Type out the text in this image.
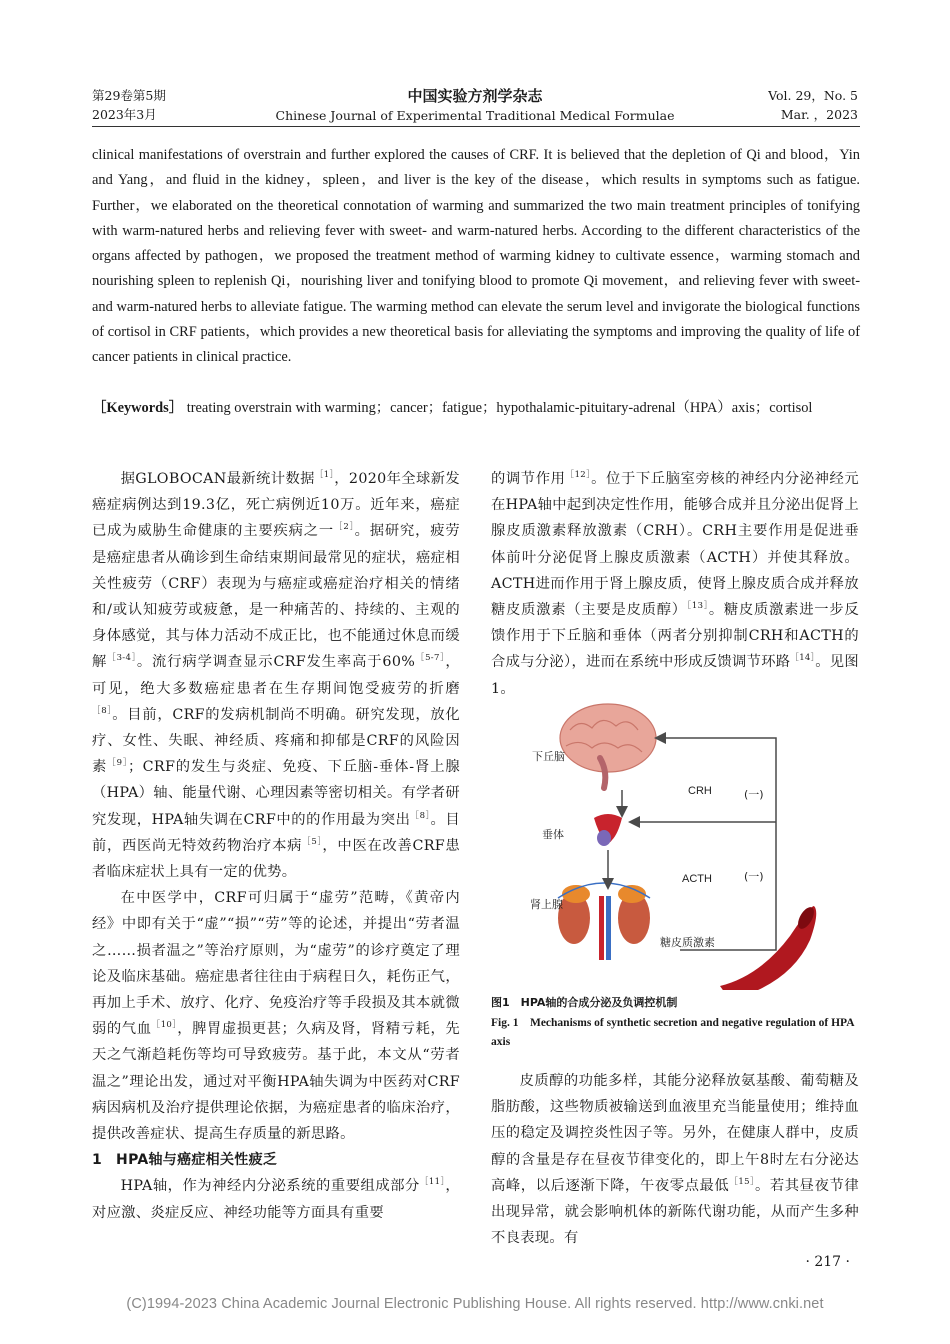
第29卷第5期
2023年3月
中国实验方剂学杂志
Chinese Journal of Experimental Traditional Medical Formulae
Vol. 29，No. 5
Mar. ，2023
clinical manifestations of overstrain and further explored the causes of CRF. It is believed that the depletion of Qi and blood，Yin and Yang，and fluid in the kidney，spleen，and liver is the key of the disease，which results in symptoms such as fatigue. Further，we elaborated on the theoretical connotation of warming and summarized the two main treatment principles of tonifying with warm-natured herbs and relieving fever with sweet- and warm-natured herbs. According to the different characteristics of the organs affected by pathogen，we proposed the treatment method of warming kidney to cultivate essence，warming stomach and nourishing spleen to replenish Qi，nourishing liver and tonifying blood to promote Qi movement，and relieving fever with sweet- and warm-natured herbs to alleviate fatigue. The warming method can elevate the serum level and invigorate the biological functions of cortisol in CRF patients，which provides a new theoretical basis for alleviating the symptoms and improving the quality of life of cancer patients in clinical practice.
［Keywords］ treating overstrain with warming；cancer；fatigue；hypothalamic-pituitary-adrenal（HPA）axis；cortisol

据GLOBOCAN最新统计数据$^{[1]}$，2020年全球新发癌症病例达到19.3亿，死亡病例近10万。近年来，癌症已成为威胁生命健康的主要疾病之一$^{[2]}$。据研究，疲劳是癌症患者从确诊到生命结束期间最常见的症状，癌症相关性疲劳（CRF）表现为与癌症或癌症治疗相关的情绪和/或认知疲劳或疲惫，是一种痛苦的、持续的、主观的身体感觉，其与体力活动不成正比，也不能通过休息而缓解$^{[3-4]}$。流行病学调查显示CRF发生率高于60%$^{[5-7]}$，可见，绝大多数癌症患者在生存期间饱受疲劳的折磨$^{[8]}$。目前，CRF的发病机制尚不明确。研究发现，放化疗、女性、失眠、神经质、疼痛和抑郁是CRF的风险因素$^{[9]}$；CRF的发生与炎症、免疫、下丘脑-垂体-肾上腺（HPA）轴、能量代谢、心理因素等密切相关。有学者研究发现，HPA轴失调在CRF中的的作用最为突出$^{[8]}$。目前，西医尚无特效药物治疗本病$^{[5]}$，中医在改善CRF患者临床症状上具有一定的优势。

在中医学中，CRF可归属于“虚劳”范畴，《黄帝内经》中即有关于“虚”“损”“劳”等的论述，并提出“劳者温之……损者温之”等治疗原则，为“虚劳”的诊疗奠定了理论及临床基础。癌症患者往往由于病程日久，耗伤正气，再加上手术、放疗、化疗、免疫治疗等手段损及其本就微弱的气血$^{[10]}$，脾胃虚损更甚；久病及肾，肾精亏耗，先天之气渐趋耗伤等均可导致疲劳。基于此，本文从“劳者温之”理论出发，通过对平衡HPA轴失调为中医药对CRF病因病机及治疗提供理论依据，为癌症患者的临床治疗，提供改善症状、提高生存质量的新思路。

1 HPA轴与癌症相关性疲乏

HPA轴，作为神经内分泌系统的重要组成部分$^{[11]}$，对应激、炎症反应、神经功能等方面具有重要

的调节作用$^{[12]}$。位于下丘脑室旁核的神经内分泌神经元在HPA轴中起到决定性作用，能够合成并且分泌出促肾上腺皮质激素释放激素（CRH）。CRH主要作用是促进垂体前叶分泌促肾上腺皮质激素（ACTH）并使其释放。ACTH进而作用于肾上腺皮质，使肾上腺皮质合成并释放糖皮质激素（主要是皮质醇）$^{[13]}$。糖皮质激素进一步反馈作用于下丘脑和垂体（两者分别抑制CRH和ACTH的合成与分泌），进而在系统中形成反馈调节环路$^{[14]}$。见图1。

下丘脑
垂体
肾上腺
糖皮质激素
CRH
ACTH
(一)
(一)
图1　HPA轴的合成分泌及负调控机制
Fig. 1　Mechanisms of synthetic secretion and negative regulation of HPA axis

皮质醇的功能多样，其能分泌释放氨基酸、葡萄糖及脂肪酸，这些物质被输送到血液里充当能量使用；维持血压的稳定及调控炎性因子等。另外，在健康人群中，皮质醇的含量是存在昼夜节律变化的，即上午8时左右分泌达高峰，以后逐渐下降，午夜零点最低$^{[15]}$。若其昼夜节律出现异常，就会影响机体的新陈代谢功能，从而产生多种不良表现。有

· 217 ·
(C)1994-2023 China Academic Journal Electronic Publishing House. All rights reserved. http://www.cnki.net
